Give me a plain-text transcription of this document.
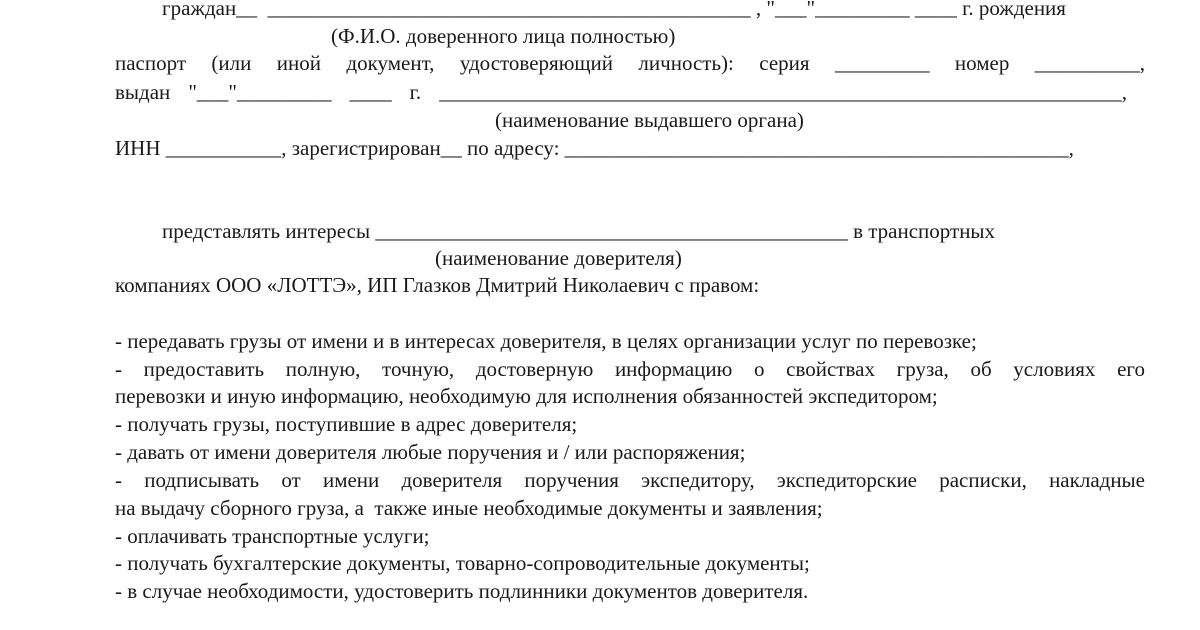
граждан__  ______________________________________________ , "___"_________ ____ г. рождения
(Ф.И.О. доверенного лица полностью)
паспорт (или иной документ, удостоверяющий личность): серия _________ номер __________,
выдан "___"_________ ____ г. _________________________________________________________________,
(наименование выдавшего органа)
ИНН ___________, зарегистрирован__ по адресу: ________________________________________________,
представлять интересы _____________________________________________ в транспортных
(наименование доверителя)
компаниях ООО «ЛОТТЭ», ИП Глазков Дмитрий Николаевич с правом:
- передавать грузы от имени и в интересах доверителя, в целях организации услуг по перевозке;
- предоставить полную, точную, достоверную информацию о свойствах груза, об условиях его
перевозки и иную информацию, необходимую для исполнения обязанностей экспедитором;
- получать грузы, поступившие в адрес доверителя;
- давать от имени доверителя любые поручения и / или распоряжения;
- подписывать от имени доверителя поручения экспедитору, экспедиторские расписки, накладные
на выдачу сборного груза, а  также иные необходимые документы и заявления;
- оплачивать транспортные услуги;
- получать бухгалтерские документы, товарно-сопроводительные документы;
- в случае необходимости, удостоверить подлинники документов доверителя.
